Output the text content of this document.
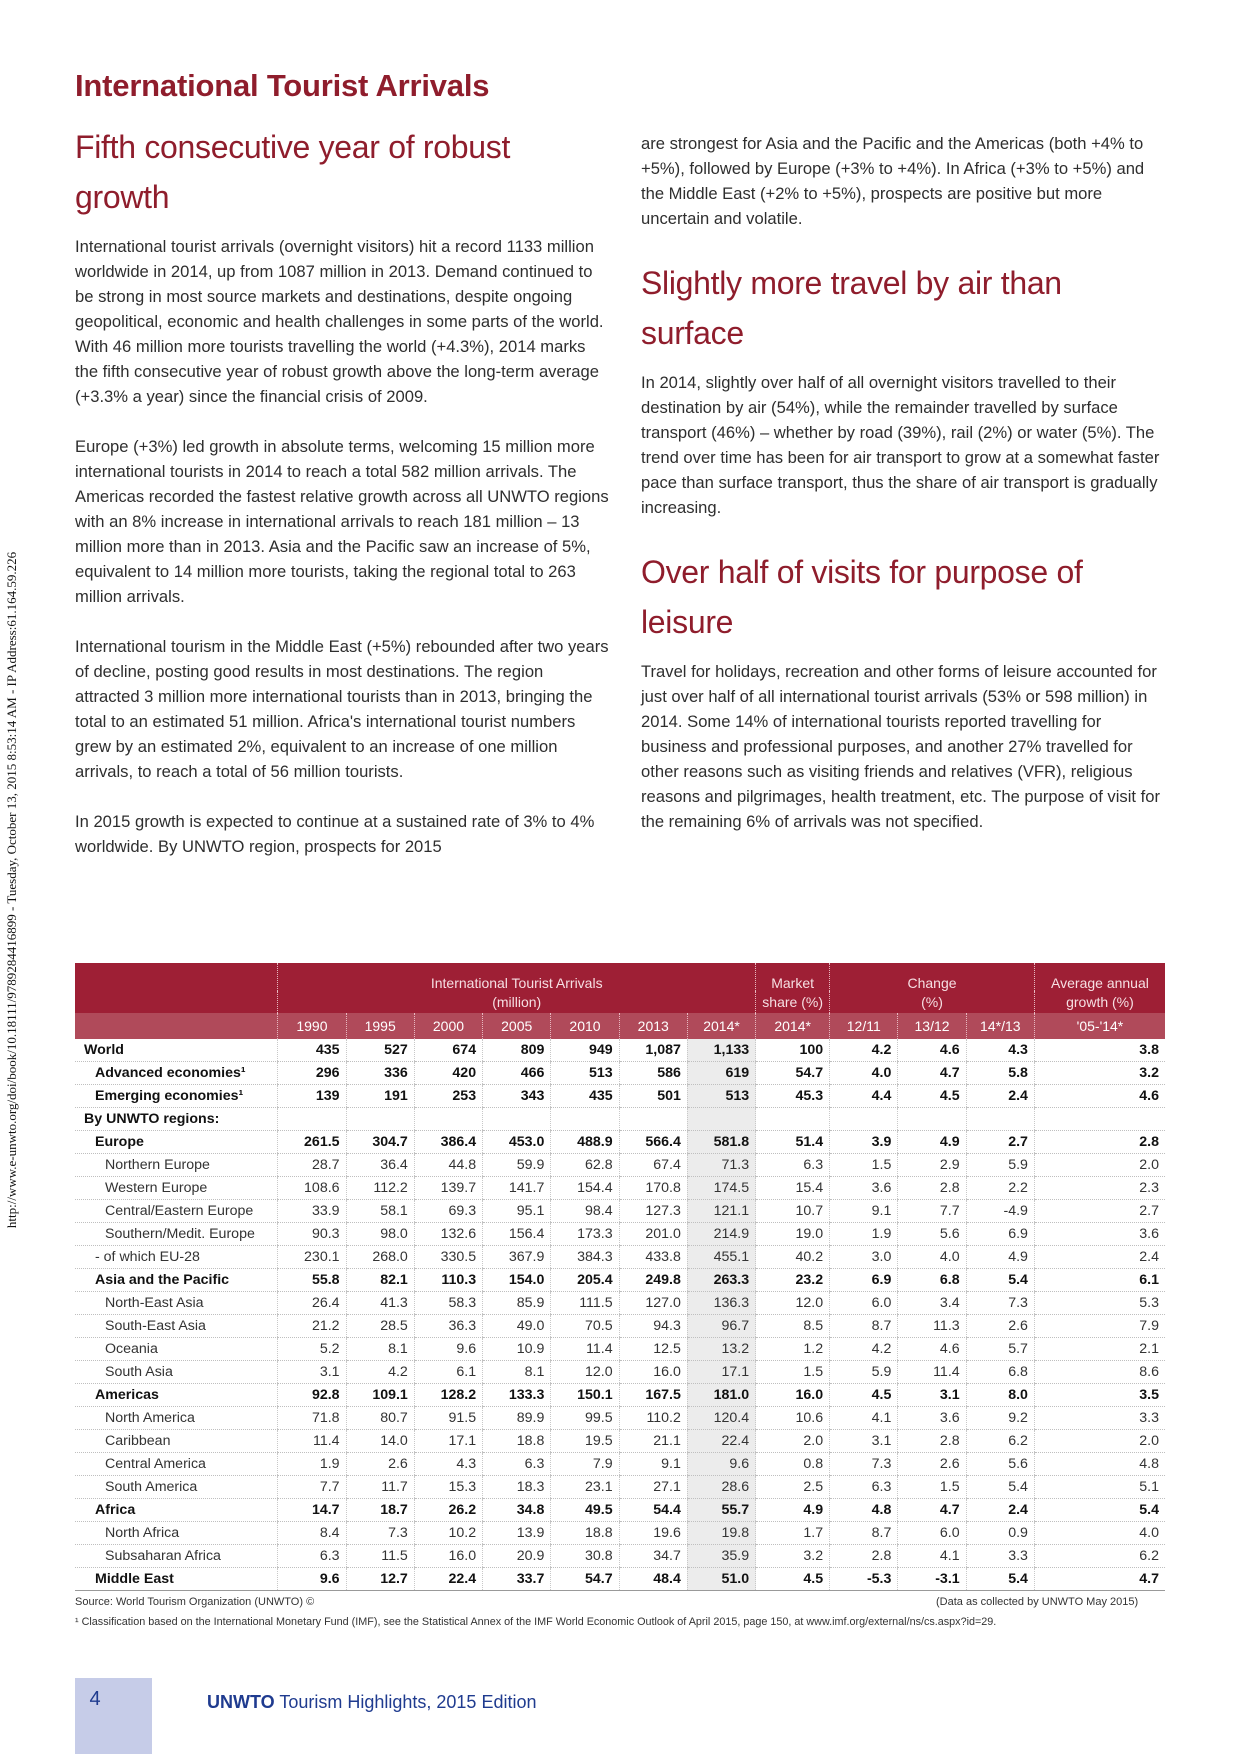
http://www.e-unwto.org/doi/book/10.18111/9789284416899 - Tuesday, October 13, 2015 8:53:14 AM - IP Address:61.164.59.226
International Tourist Arrivals
Fifth consecutive year of robust growth

International tourist arrivals (overnight visitors) hit a record 1133 million worldwide in 2014, up from 1087 million in 2013. Demand continued to be strong in most source markets and destinations, despite ongoing geopolitical, economic and health challenges in some parts of the world. With 46 million more tourists travelling the world (+4.3%), 2014 marks the fifth consecutive year of robust growth above the long-term average (+3.3% a year) since the financial crisis of 2009.

Europe (+3%) led growth in absolute terms, welcoming 15 million more international tourists in 2014 to reach a total 582 million arrivals. The Americas recorded the fastest relative growth across all UNWTO regions with an 8% increase in international arrivals to reach 181 million – 13 million more than in 2013. Asia and the Pacific saw an increase of 5%, equivalent to 14 million more tourists, taking the regional total to 263 million arrivals.

International tourism in the Middle East (+5%) rebounded after two years of decline, posting good results in most destinations. The region attracted 3 million more international tourists than in 2013, bringing the total to an estimated 51 million. Africa's international tourist numbers grew by an estimated 2%, equivalent to an increase of one million arrivals, to reach a total of 56 million tourists.

In 2015 growth is expected to continue at a sustained rate of 3% to 4% worldwide. By UNWTO region, prospects for 2015

are strongest for Asia and the Pacific and the Americas (both +4% to +5%), followed by Europe (+3% to +4%). In Africa (+3% to +5%) and the Middle East (+2% to +5%), prospects are positive but more uncertain and volatile.

Slightly more travel by air than surface

In 2014, slightly over half of all overnight visitors travelled to their destination by air (54%), while the remainder travelled by surface transport (46%) – whether by road (39%), rail (2%) or water (5%). The trend over time has been for air transport to grow at a somewhat faster pace than surface transport, thus the share of air transport is gradually increasing.

Over half of visits for purpose of leisure

Travel for holidays, recreation and other forms of leisure accounted for just over half of all international tourist arrivals (53% or 598 million) in 2014. Some 14% of international tourists reported travelling for business and professional purposes, and another 27% travelled for other reasons such as visiting friends and relatives (VFR), religious reasons and pilgrimages, health treatment, etc. The purpose of visit for the remaining 6% of arrivals was not specified.

	International Tourist Arrivals							Market	Change			Average annual
	(million)							share (%)	(%)			growth (%)
	1990	1995	2000	2005	2010	2013	2014*	2014*	12/11	13/12	14*/13	'05-'14*
World	435	527	674	809	949	1,087	1,133	100	4.2	4.6	4.3	3.8
Advanced economies¹	296	336	420	466	513	586	619	54.7	4.0	4.7	5.8	3.2
Emerging economies¹	139	191	253	343	435	501	513	45.3	4.4	4.5	2.4	4.6
By UNWTO regions:												
Europe	261.5	304.7	386.4	453.0	488.9	566.4	581.8	51.4	3.9	4.9	2.7	2.8
Northern Europe	28.7	36.4	44.8	59.9	62.8	67.4	71.3	6.3	1.5	2.9	5.9	2.0
Western Europe	108.6	112.2	139.7	141.7	154.4	170.8	174.5	15.4	3.6	2.8	2.2	2.3
Central/Eastern Europe	33.9	58.1	69.3	95.1	98.4	127.3	121.1	10.7	9.1	7.7	-4.9	2.7
Southern/Medit. Europe	90.3	98.0	132.6	156.4	173.3	201.0	214.9	19.0	1.9	5.6	6.9	3.6
- of which EU-28	230.1	268.0	330.5	367.9	384.3	433.8	455.1	40.2	3.0	4.0	4.9	2.4
Asia and the Pacific	55.8	82.1	110.3	154.0	205.4	249.8	263.3	23.2	6.9	6.8	5.4	6.1
North-East Asia	26.4	41.3	58.3	85.9	111.5	127.0	136.3	12.0	6.0	3.4	7.3	5.3
South-East Asia	21.2	28.5	36.3	49.0	70.5	94.3	96.7	8.5	8.7	11.3	2.6	7.9
Oceania	5.2	8.1	9.6	10.9	11.4	12.5	13.2	1.2	4.2	4.6	5.7	2.1
South Asia	3.1	4.2	6.1	8.1	12.0	16.0	17.1	1.5	5.9	11.4	6.8	8.6
Americas	92.8	109.1	128.2	133.3	150.1	167.5	181.0	16.0	4.5	3.1	8.0	3.5
North America	71.8	80.7	91.5	89.9	99.5	110.2	120.4	10.6	4.1	3.6	9.2	3.3
Caribbean	11.4	14.0	17.1	18.8	19.5	21.1	22.4	2.0	3.1	2.8	6.2	2.0
Central America	1.9	2.6	4.3	6.3	7.9	9.1	9.6	0.8	7.3	2.6	5.6	4.8
South America	7.7	11.7	15.3	18.3	23.1	27.1	28.6	2.5	6.3	1.5	5.4	5.1
Africa	14.7	18.7	26.2	34.8	49.5	54.4	55.7	4.9	4.8	4.7	2.4	5.4
North Africa	8.4	7.3	10.2	13.9	18.8	19.6	19.8	1.7	8.7	6.0	0.9	4.0
Subsaharan Africa	6.3	11.5	16.0	20.9	30.8	34.7	35.9	3.2	2.8	4.1	3.3	6.2
Middle East	9.6	12.7	22.4	33.7	54.7	48.4	51.0	4.5	-5.3	-3.1	5.4	4.7
Source: World Tourism Organization (UNWTO) ©	(Data as collected by UNWTO May 2015)
¹ Classification based on the International Monetary Fund (IMF), see the Statistical Annex of the IMF World Economic Outlook of April 2015, page 150, at www.imf.org/external/ns/cs.aspx?id=29.
4	UNWTO Tourism Highlights, 2015 Edition
